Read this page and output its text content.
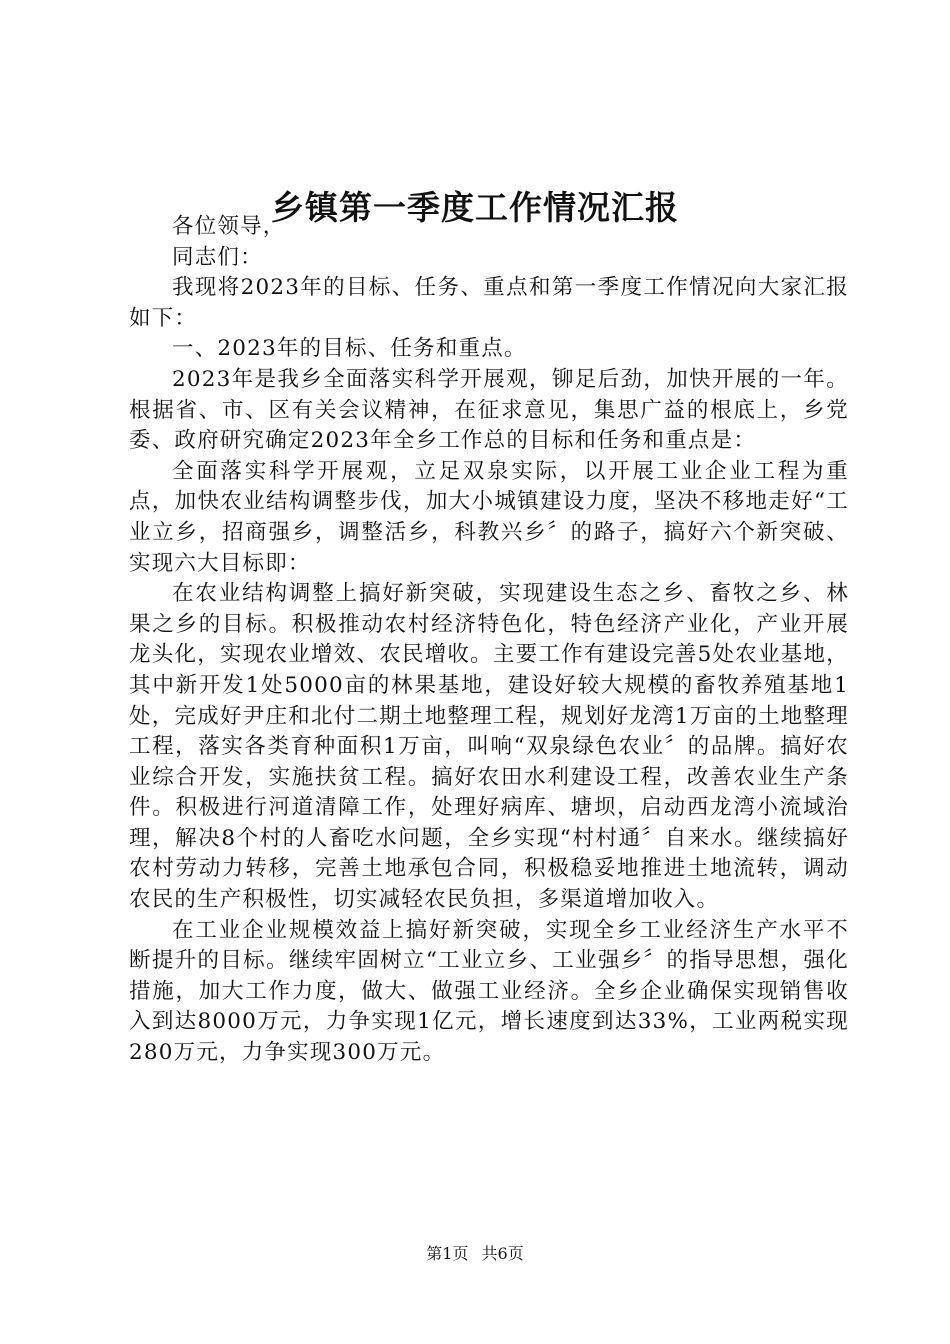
乡镇第一季度工作情况汇报

各位领导，

同志们：

我现将2023年的目标、任务、重点和第一季度工作情况向大家汇报如下：

一、2023年的目标、任务和重点。

2023年是我乡全面落实科学开展观，铆足后劲，加快开展的一年。根据省、市、区有关会议精神，在征求意见，集思广益的根底上，乡党委、政府研究确定2023年全乡工作总的目标和任务和重点是：

全面落实科学开展观，立足双泉实际，以开展工业企业工程为重点，加快农业结构调整步伐，加大小城镇建设力度，坚决不移地走好“工业立乡，招商强乡，调整活乡，科教兴乡〞的路子，搞好六个新突破、实现六大目标即：

在农业结构调整上搞好新突破，实现建设生态之乡、畜牧之乡、林果之乡的目标。积极推动农村经济特色化，特色经济产业化，产业开展龙头化，实现农业增效、农民增收。主要工作有建设完善5处农业基地，其中新开发1处5000亩的林果基地，建设好较大规模的畜牧养殖基地1处，完成好尹庄和北付二期土地整理工程，规划好龙湾1万亩的土地整理工程，落实各类育种面积1万亩，叫响“双泉绿色农业〞的品牌。搞好农业综合开发，实施扶贫工程。搞好农田水利建设工程，改善农业生产条件。积极进行河道清障工作，处理好病库、塘坝，启动西龙湾小流域治理，解决8个村的人畜吃水问题，全乡实现“村村通〞自来水。继续搞好农村劳动力转移，完善土地承包合同，积极稳妥地推进土地流转，调动农民的生产积极性，切实减轻农民负担，多渠道增加收入。

在工业企业规模效益上搞好新突破，实现全乡工业经济生产水平不断提升的目标。继续牢固树立“工业立乡、工业强乡〞的指导思想，强化措施，加大工作力度，做大、做强工业经济。全乡企业确保实现销售收入到达8000万元，力争实现1亿元，增长速度到达33%，工业两税实现280万元，力争实现300万元。

第1页 共6页
